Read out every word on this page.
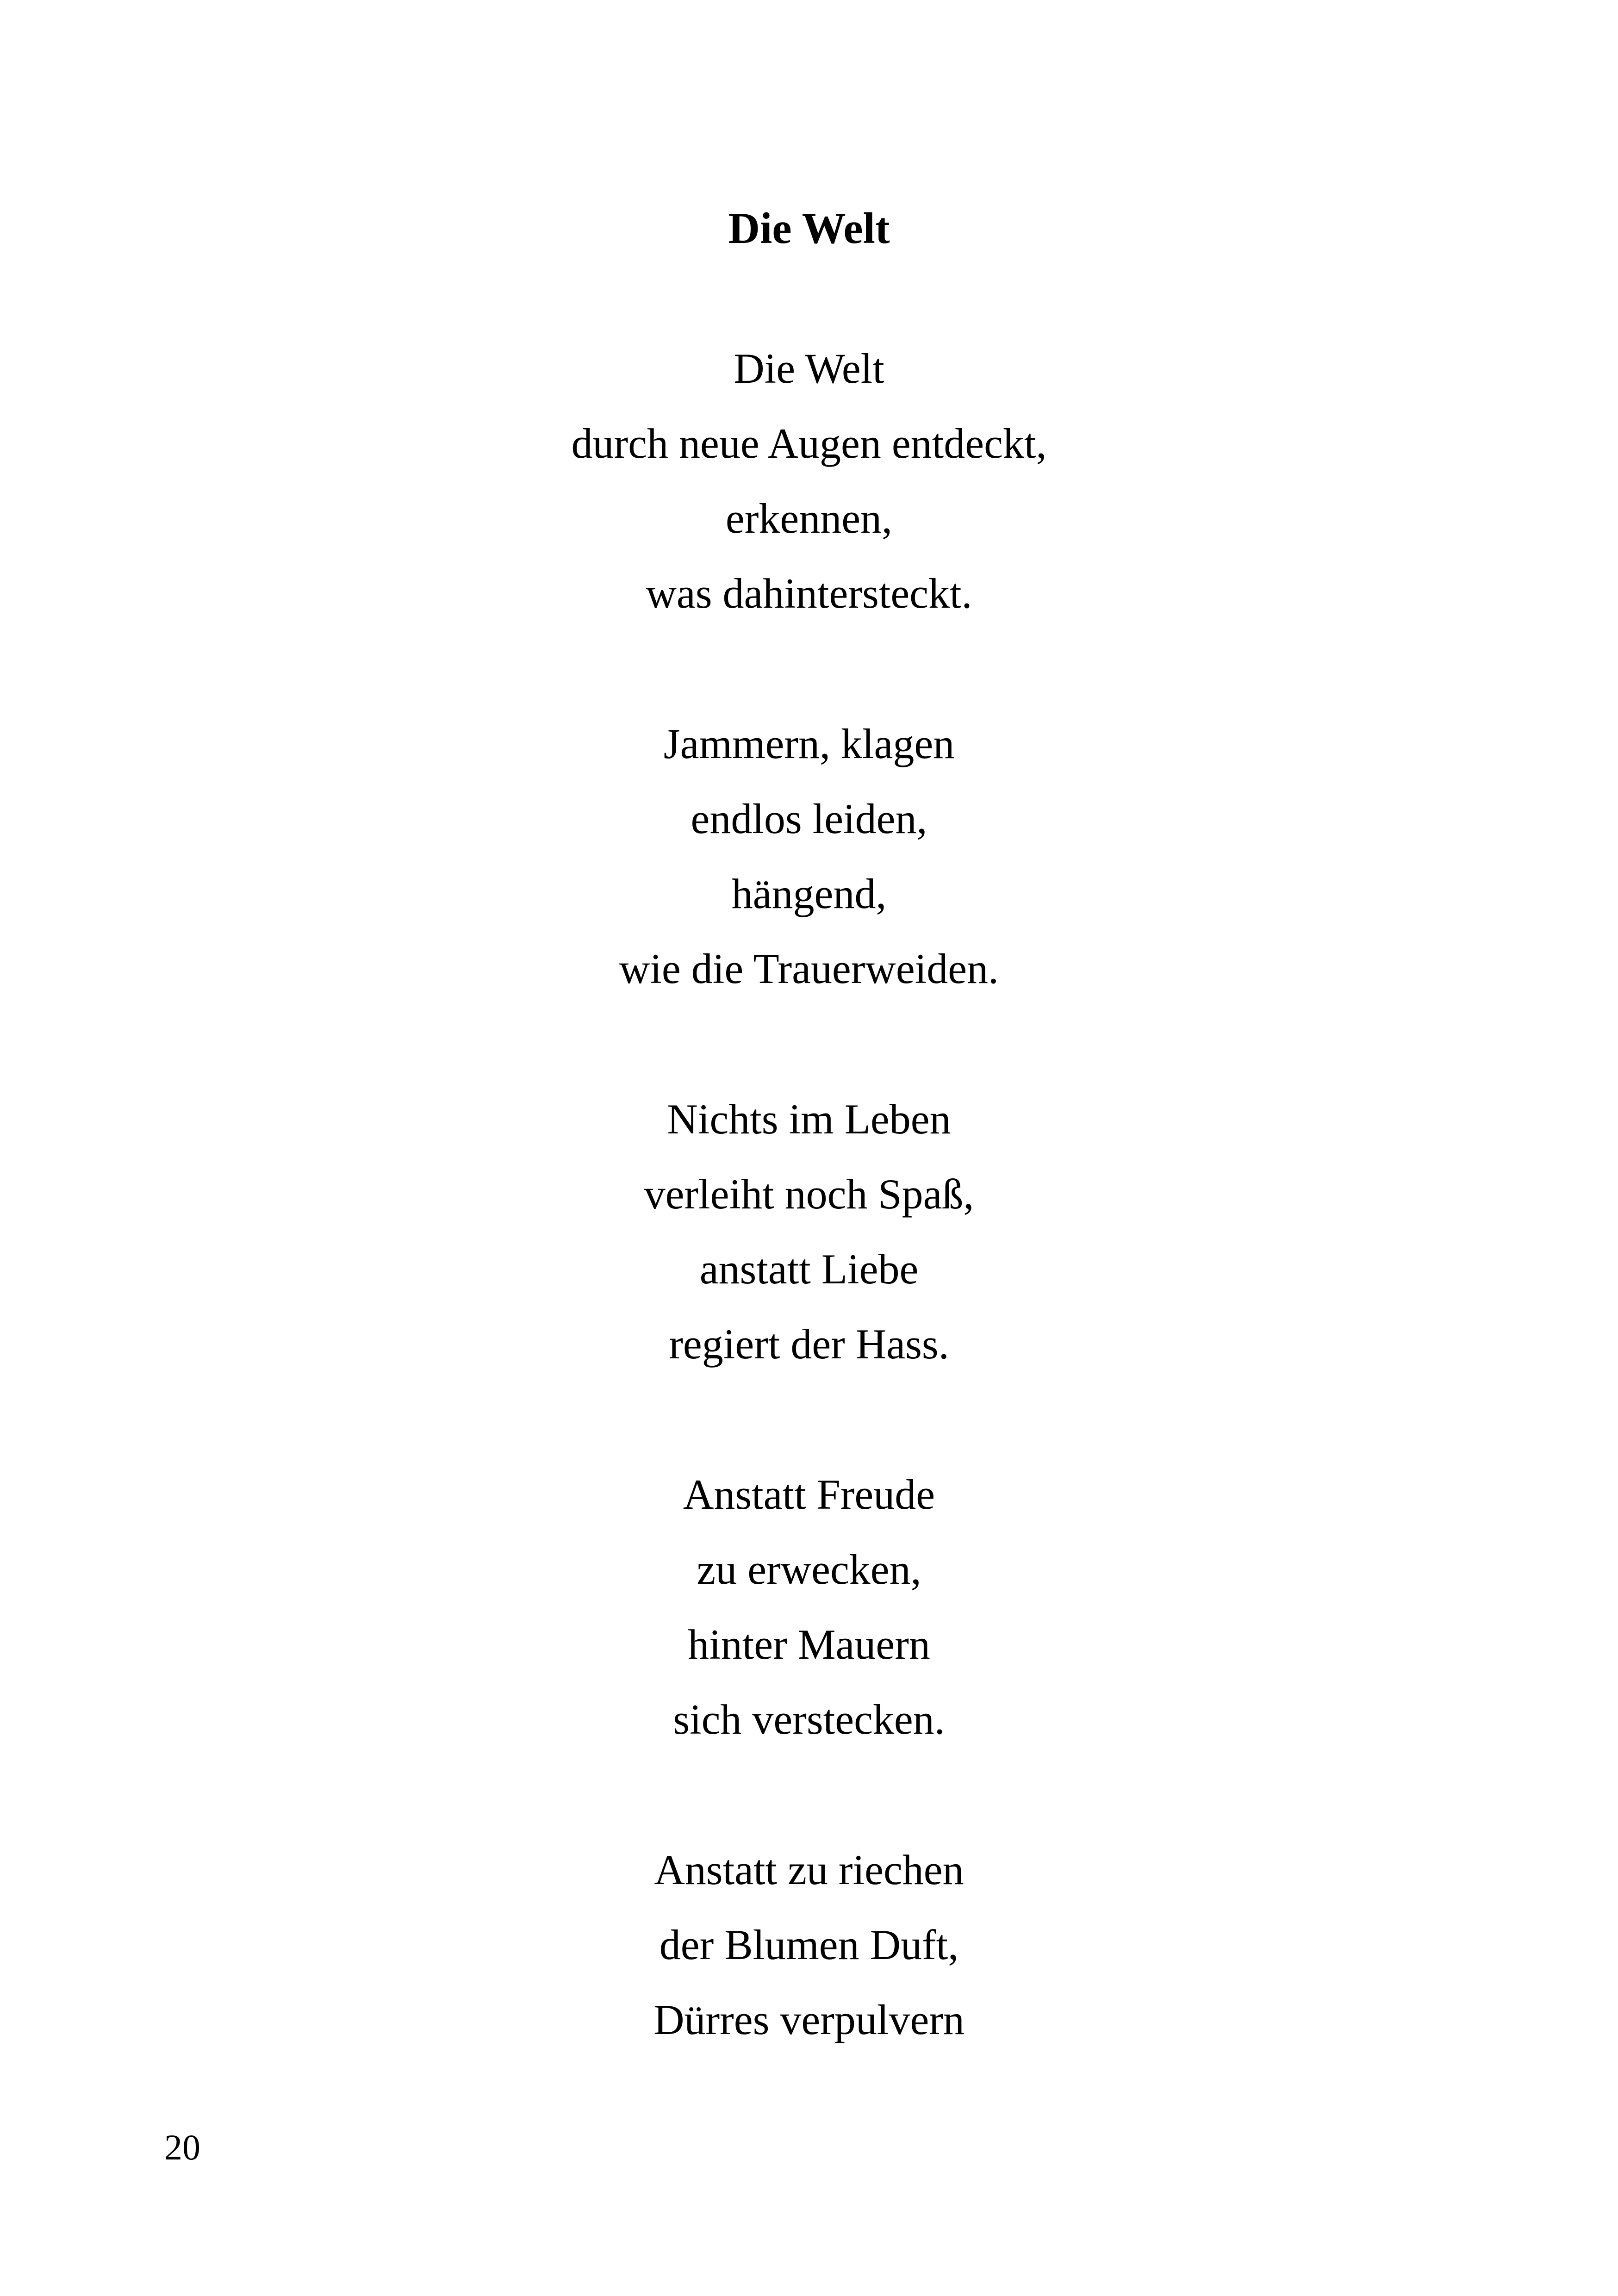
Die Welt
Die Welt
durch neue Augen entdeckt,
erkennen,
was dahintersteckt.
Jammern, klagen
endlos leiden,
hängend,
wie die Trauerweiden.
Nichts im Leben
verleiht noch Spaß,
anstatt Liebe
regiert der Hass.
Anstatt Freude
zu erwecken,
hinter Mauern
sich verstecken.
Anstatt zu riechen
der Blumen Duft,
Dürres verpulvern
20
